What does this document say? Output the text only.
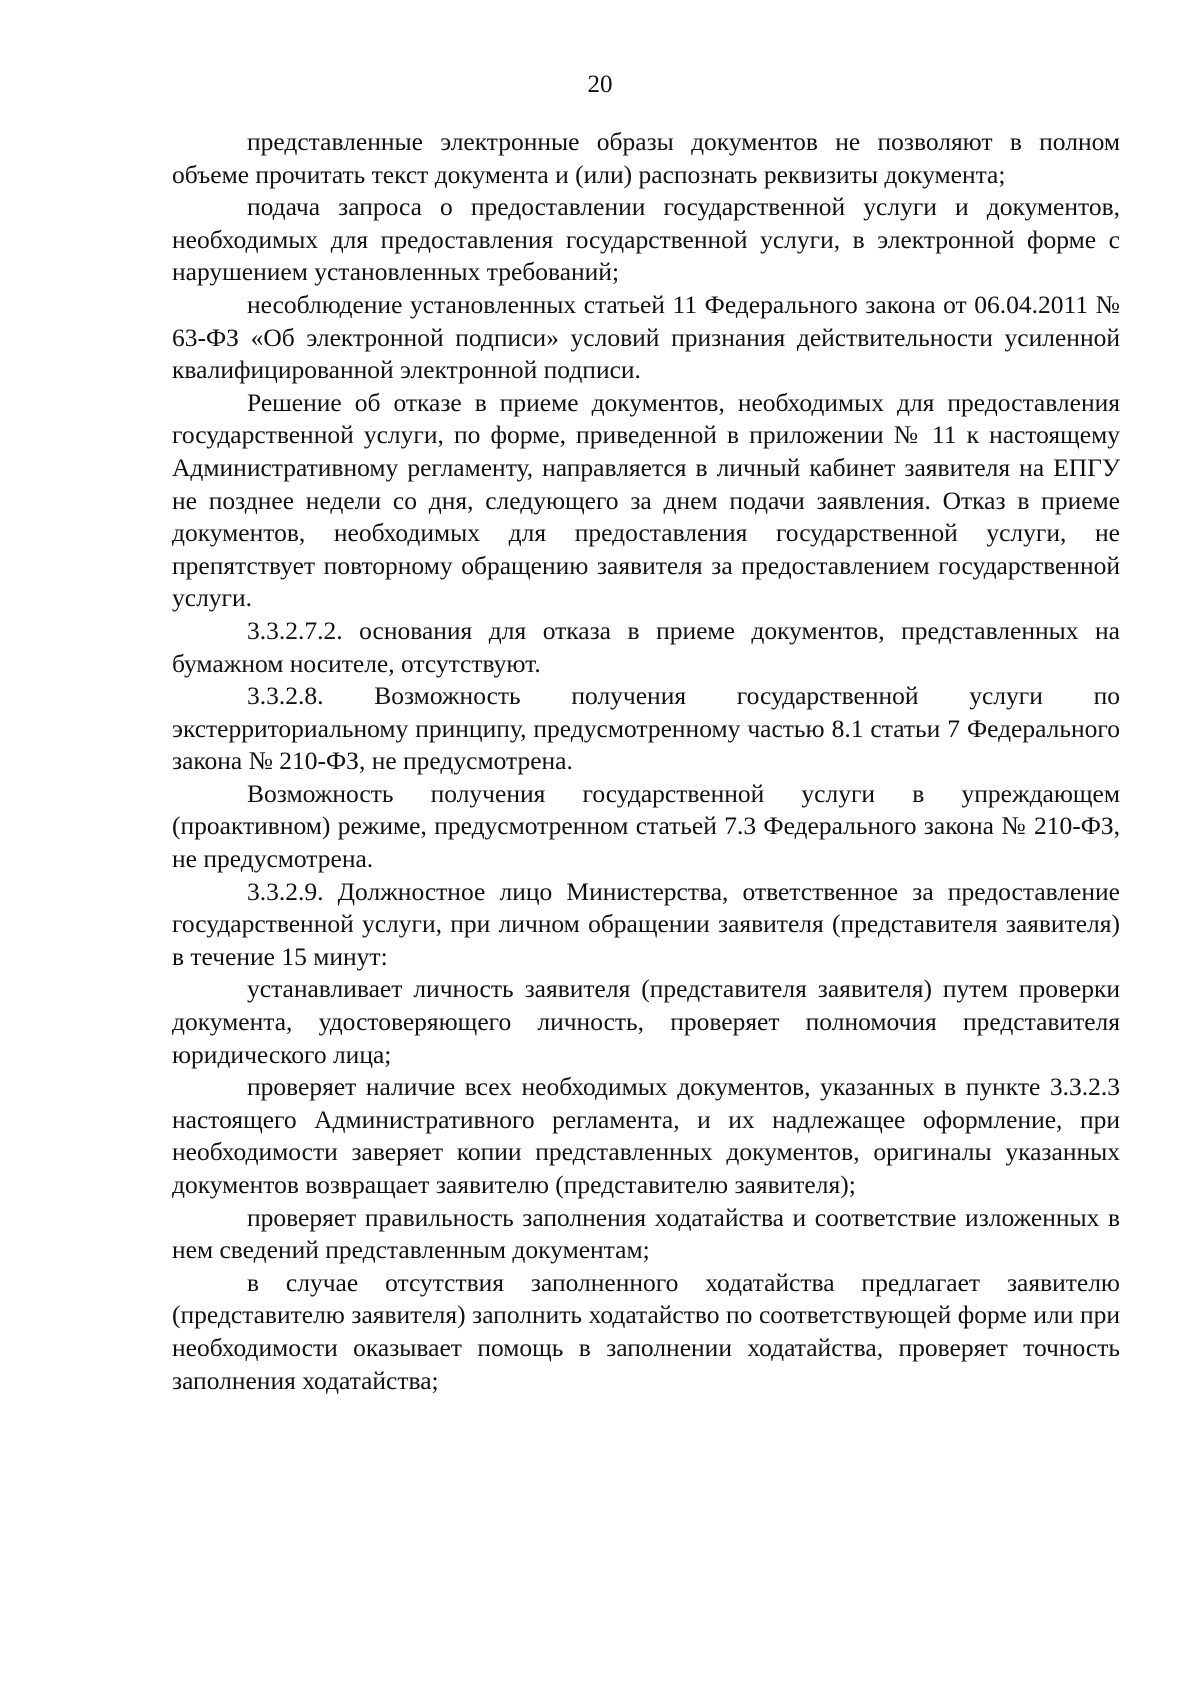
20

представленные электронные образы документов не позволяют в полном объеме прочитать текст документа и (или) распознать реквизиты документа;

подача запроса о предоставлении государственной услуги и документов, необходимых для предоставления государственной услуги, в электронной форме с нарушением установленных требований;

несоблюдение установленных статьей 11 Федерального закона от 06.04.2011 № 63-ФЗ «Об электронной подписи» условий признания действительности усиленной квалифицированной электронной подписи.

Решение об отказе в приеме документов, необходимых для предоставления государственной услуги, по форме, приведенной в приложении № 11 к настоящему Административному регламенту, направляется в личный кабинет заявителя на ЕПГУ не позднее недели со дня, следующего за днем подачи заявления. Отказ в приеме документов, необходимых для предоставления государственной услуги, не препятствует повторному обращению заявителя за предоставлением государственной услуги.

3.3.2.7.2. основания для отказа в приеме документов, представленных на бумажном носителе, отсутствуют.

3.3.2.8. Возможность получения государственной услуги по экстерриториальному принципу, предусмотренному частью 8.1 статьи 7 Федерального закона № 210-ФЗ, не предусмотрена.

Возможность получения государственной услуги в упреждающем (проактивном) режиме, предусмотренном статьей 7.3 Федерального закона № 210-ФЗ, не предусмотрена.

3.3.2.9. Должностное лицо Министерства, ответственное за предоставление государственной услуги, при личном обращении заявителя (представителя заявителя) в течение 15 минут:

устанавливает личность заявителя (представителя заявителя) путем проверки документа, удостоверяющего личность, проверяет полномочия представителя юридического лица;

проверяет наличие всех необходимых документов, указанных в пункте 3.3.2.3 настоящего Административного регламента, и их надлежащее оформление, при необходимости заверяет копии представленных документов, оригиналы указанных документов возвращает заявителю (представителю заявителя);

проверяет правильность заполнения ходатайства и соответствие изложенных в нем сведений представленным документам;

в случае отсутствия заполненного ходатайства предлагает заявителю (представителю заявителя) заполнить ходатайство по соответствующей форме или при необходимости оказывает помощь в заполнении ходатайства, проверяет точность заполнения ходатайства;
